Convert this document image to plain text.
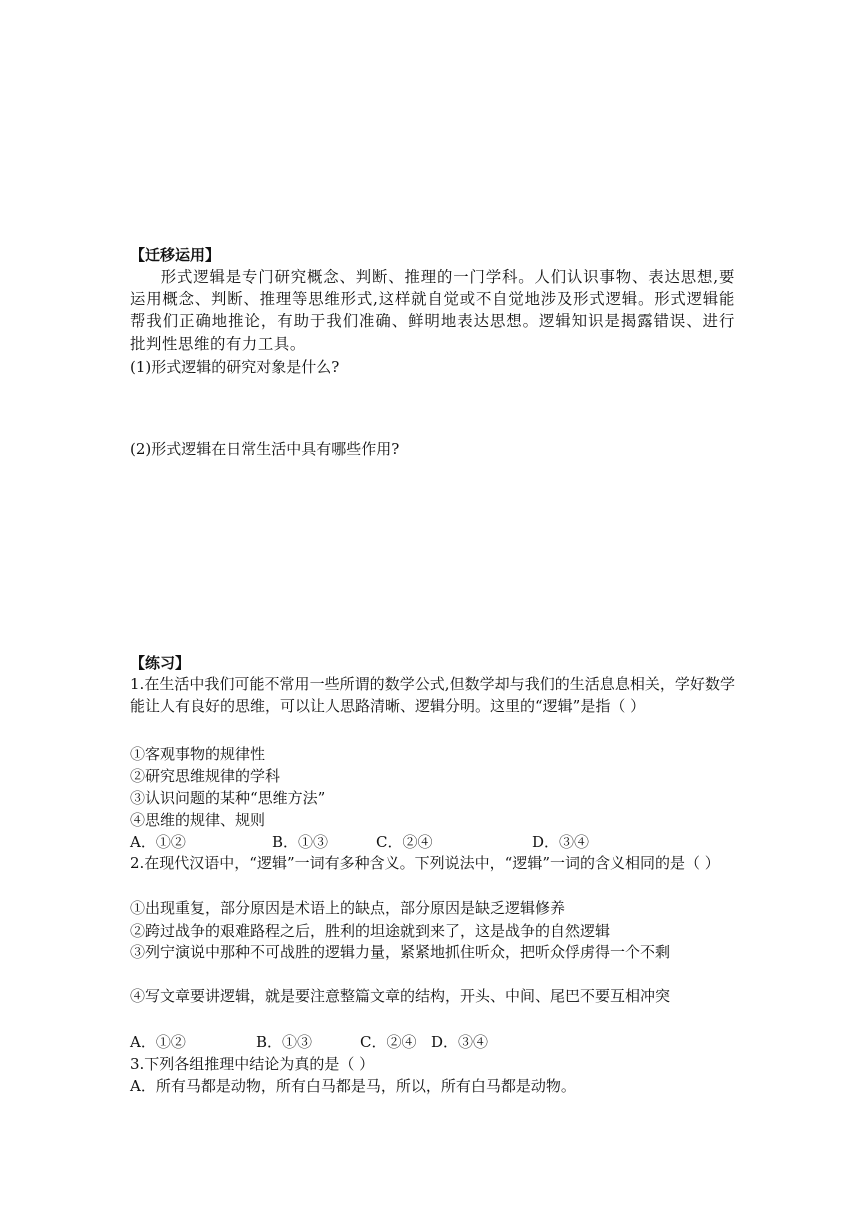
【迁移运用】
形式逻辑是专门研究概念、判断、推理的一门学科。人们认识事物、表达思想,要运用概念、判断、推理等思维形式,这样就自觉或不自觉地涉及形式逻辑。形式逻辑能帮我们正确地推论，有助于我们准确、鲜明地表达思想。逻辑知识是揭露错误、进行批判性思维的有力工具。
(1)形式逻辑的研究对象是什么?
(2)形式逻辑在日常生活中具有哪些作用?
【练习】
1.在生活中我们可能不常用一些所谓的数学公式,但数学却与我们的生活息息相关，学好数学能让人有良好的思维，可以让人思路清晰、逻辑分明。这里的“逻辑”是指（ ）
①客观事物的规律性
②研究思维规律的学科
③认识问题的某种“思维方法”
④思维的规律、规则
A．①②	B．①③	C．②④	D．③④
2.在现代汉语中，“逻辑”一词有多种含义。下列说法中，“逻辑”一词的含义相同的是（ ）
①出现重复，部分原因是术语上的缺点，部分原因是缺乏逻辑修养
②跨过战争的艰难路程之后，胜利的坦途就到来了，这是战争的自然逻辑
③列宁演说中那种不可战胜的逻辑力量，紧紧地抓住听众，把听众俘虏得一个不剩
④写文章要讲逻辑，就是要注意整篇文章的结构，开头、中间、尾巴不要互相冲突
A．①②	B．①③	C．②④ D．③④
3.下列各组推理中结论为真的是（ ）
A．所有马都是动物，所有白马都是马，所以，所有白马都是动物。
